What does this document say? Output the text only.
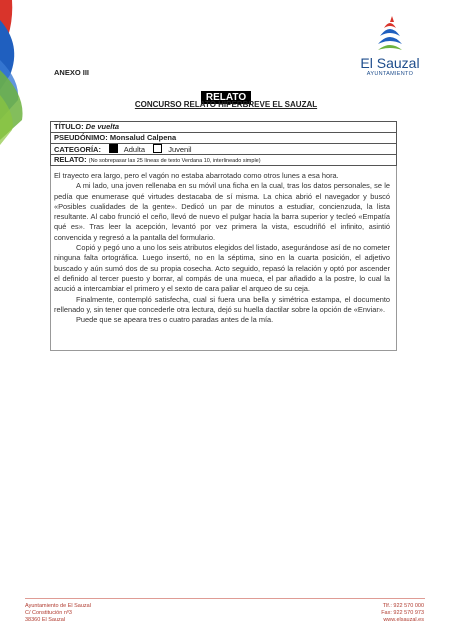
El Sauzal
AYUNTAMIENTO
ANEXO III
RELATO
CONCURSO RELATO HIPERBREVE EL SAUZAL
TÍTULO: De vuelta
PSEUDÓNIMO: Monsalud Calpena
CATEGORÍA:	Adulta	Juvenil
RELATO: (No sobrepasar las 25 líneas de texto Verdana 10, interlineado simple)

El trayecto era largo, pero el vagón no estaba abarrotado como otros lunes a esa hora.

A mi lado, una joven rellenaba en su móvil una ficha en la cual, tras los datos personales, se le pedía que enumerase qué virtudes destacaba de sí misma. La chica abrió el navegador y buscó «Posibles cualidades de la gente». Dedicó un par de minutos a estudiar, concienzuda, la lista resultante. Al cabo frunció el ceño, llevó de nuevo el pulgar hacia la barra superior y tecleó «Empatía qué es». Tras leer la acepción, levantó por vez primera la vista, escudriñó el infinito, asintió convencida y regresó a la pantalla del formulario.

Copió y pegó uno a uno los seis atributos elegidos del listado, asegurándose así de no cometer ninguna falta ortográfica. Luego insertó, no en la séptima, sino en la cuarta posición, el adjetivo buscado y aún sumó dos de su propia cosecha. Acto seguido, repasó la relación y optó por ascender el definido al tercer puesto y borrar, al compás de una mueca, el par añadido a la postre, lo cual la acució a intercambiar el primero y el sexto de cara paliar el arqueo de su ceja.

Finalmente, contempló satisfecha, cual si fuera una bella y simétrica estampa, el documento rellenado y, sin tener que concederle otra lectura, dejó su huella dactilar sobre la opción de «Enviar».

Puede que se apeara tres o cuatro paradas antes de la mía.

Ayuntamiento de El Sauzal
C/ Constitución nº3
38360 El Sauzal
Tlf.: 922 570 000
Fax: 922 570 973
www.elsauzal.es
